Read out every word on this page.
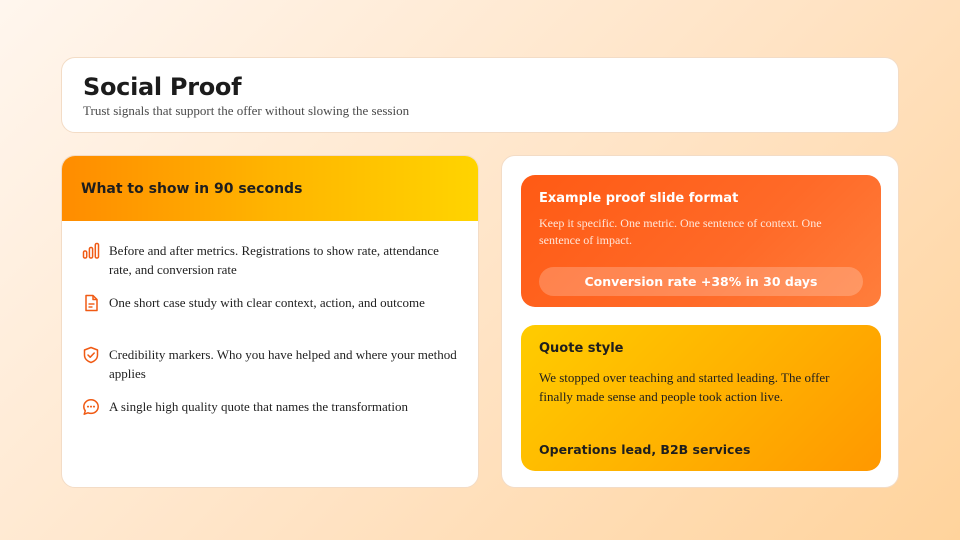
Social Proof
Trust signals that support the offer without slowing the session
What to show in 90 seconds
Before and after metrics. Registrations to show rate, attendance rate, and conversion rate
One short case study with clear context, action, and outcome
Credibility markers. Who you have helped and where your method applies
A single high quality quote that names the transformation
Example proof slide format
Keep it specific. One metric. One sentence of context. One sentence of impact.
Conversion rate +38% in 30 days
Quote style
We stopped over teaching and started leading. The offer finally made sense and people took action live.
Operations lead, B2B services
